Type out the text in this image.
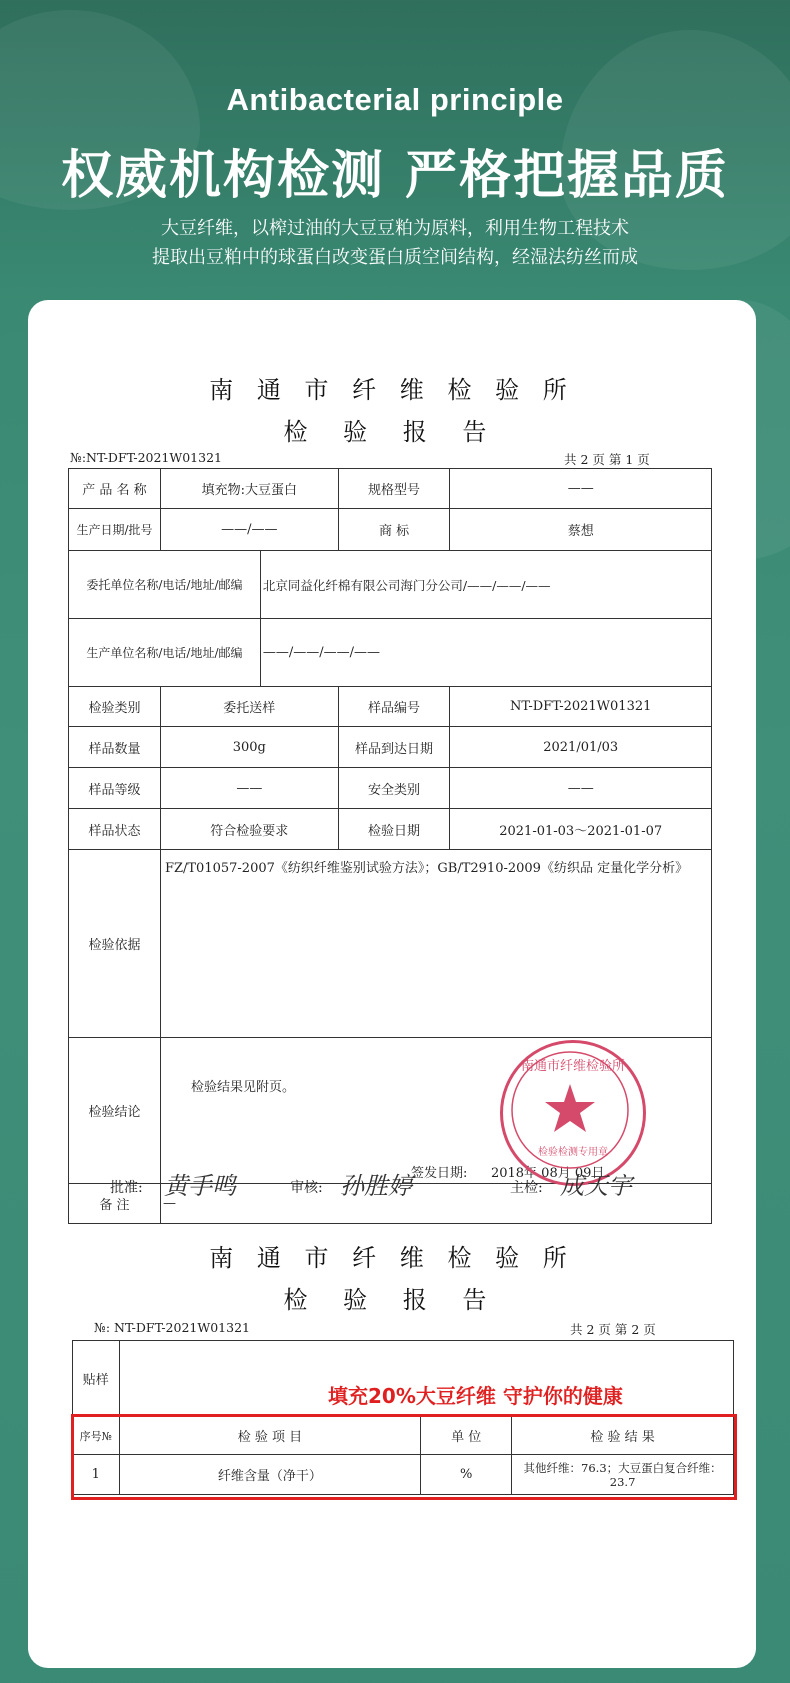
Antibacterial principle
权威机构检测 严格把握品质
大豆纤维，以榨过油的大豆豆粕为原料，利用生物工程技术
提取出豆粕中的球蛋白改变蛋白质空间结构，经湿法纺丝而成
南 通 市 纤 维 检 验 所
检 验 报 告
№:NT-DFT-2021W01321	共 2 页 第 1 页
产 品 名 称	填充物:大豆蛋白		规格型号	——
生产日期/批号	——/——		商 标	蔡想
委托单位名称/电话/地址/邮编		北京同益化纤棉有限公司海门分公司/——/——/——		
生产单位名称/电话/地址/邮编		——/——/——/——		
检验类别	委托送样		样品编号	NT-DFT-2021W01321
样品数量	300g		样品到达日期	2021/01/03
样品等级	——		安全类别	——
样品状态	符合检验要求		检验日期	2021-01-03～2021-01-07
检验依据	FZ/T01057-2007《纺织纤维鉴别试验方法》；GB/T2910-2009《纺织品 定量化学分析》			
检验结论	检验结果见附页。
签发日期: 2018年 08月 09日			

备 注	—			
南通市纤维检验所
检验检测专用章
批准: 黄手鸣	审核: 孙胜婷	主检: 成天宇
南 通 市 纤 维 检 验 所
检 验 报 告
№: NT-DFT-2021W01321	共 2 页 第 2 页
贴样			
序号№	检 验 项 目	单 位	检 验 结 果
1	纤维含量（净干）	%	其他纤维：76.3；大豆蛋白复合纤维：23.7
填充20%大豆纤维 守护你的健康
